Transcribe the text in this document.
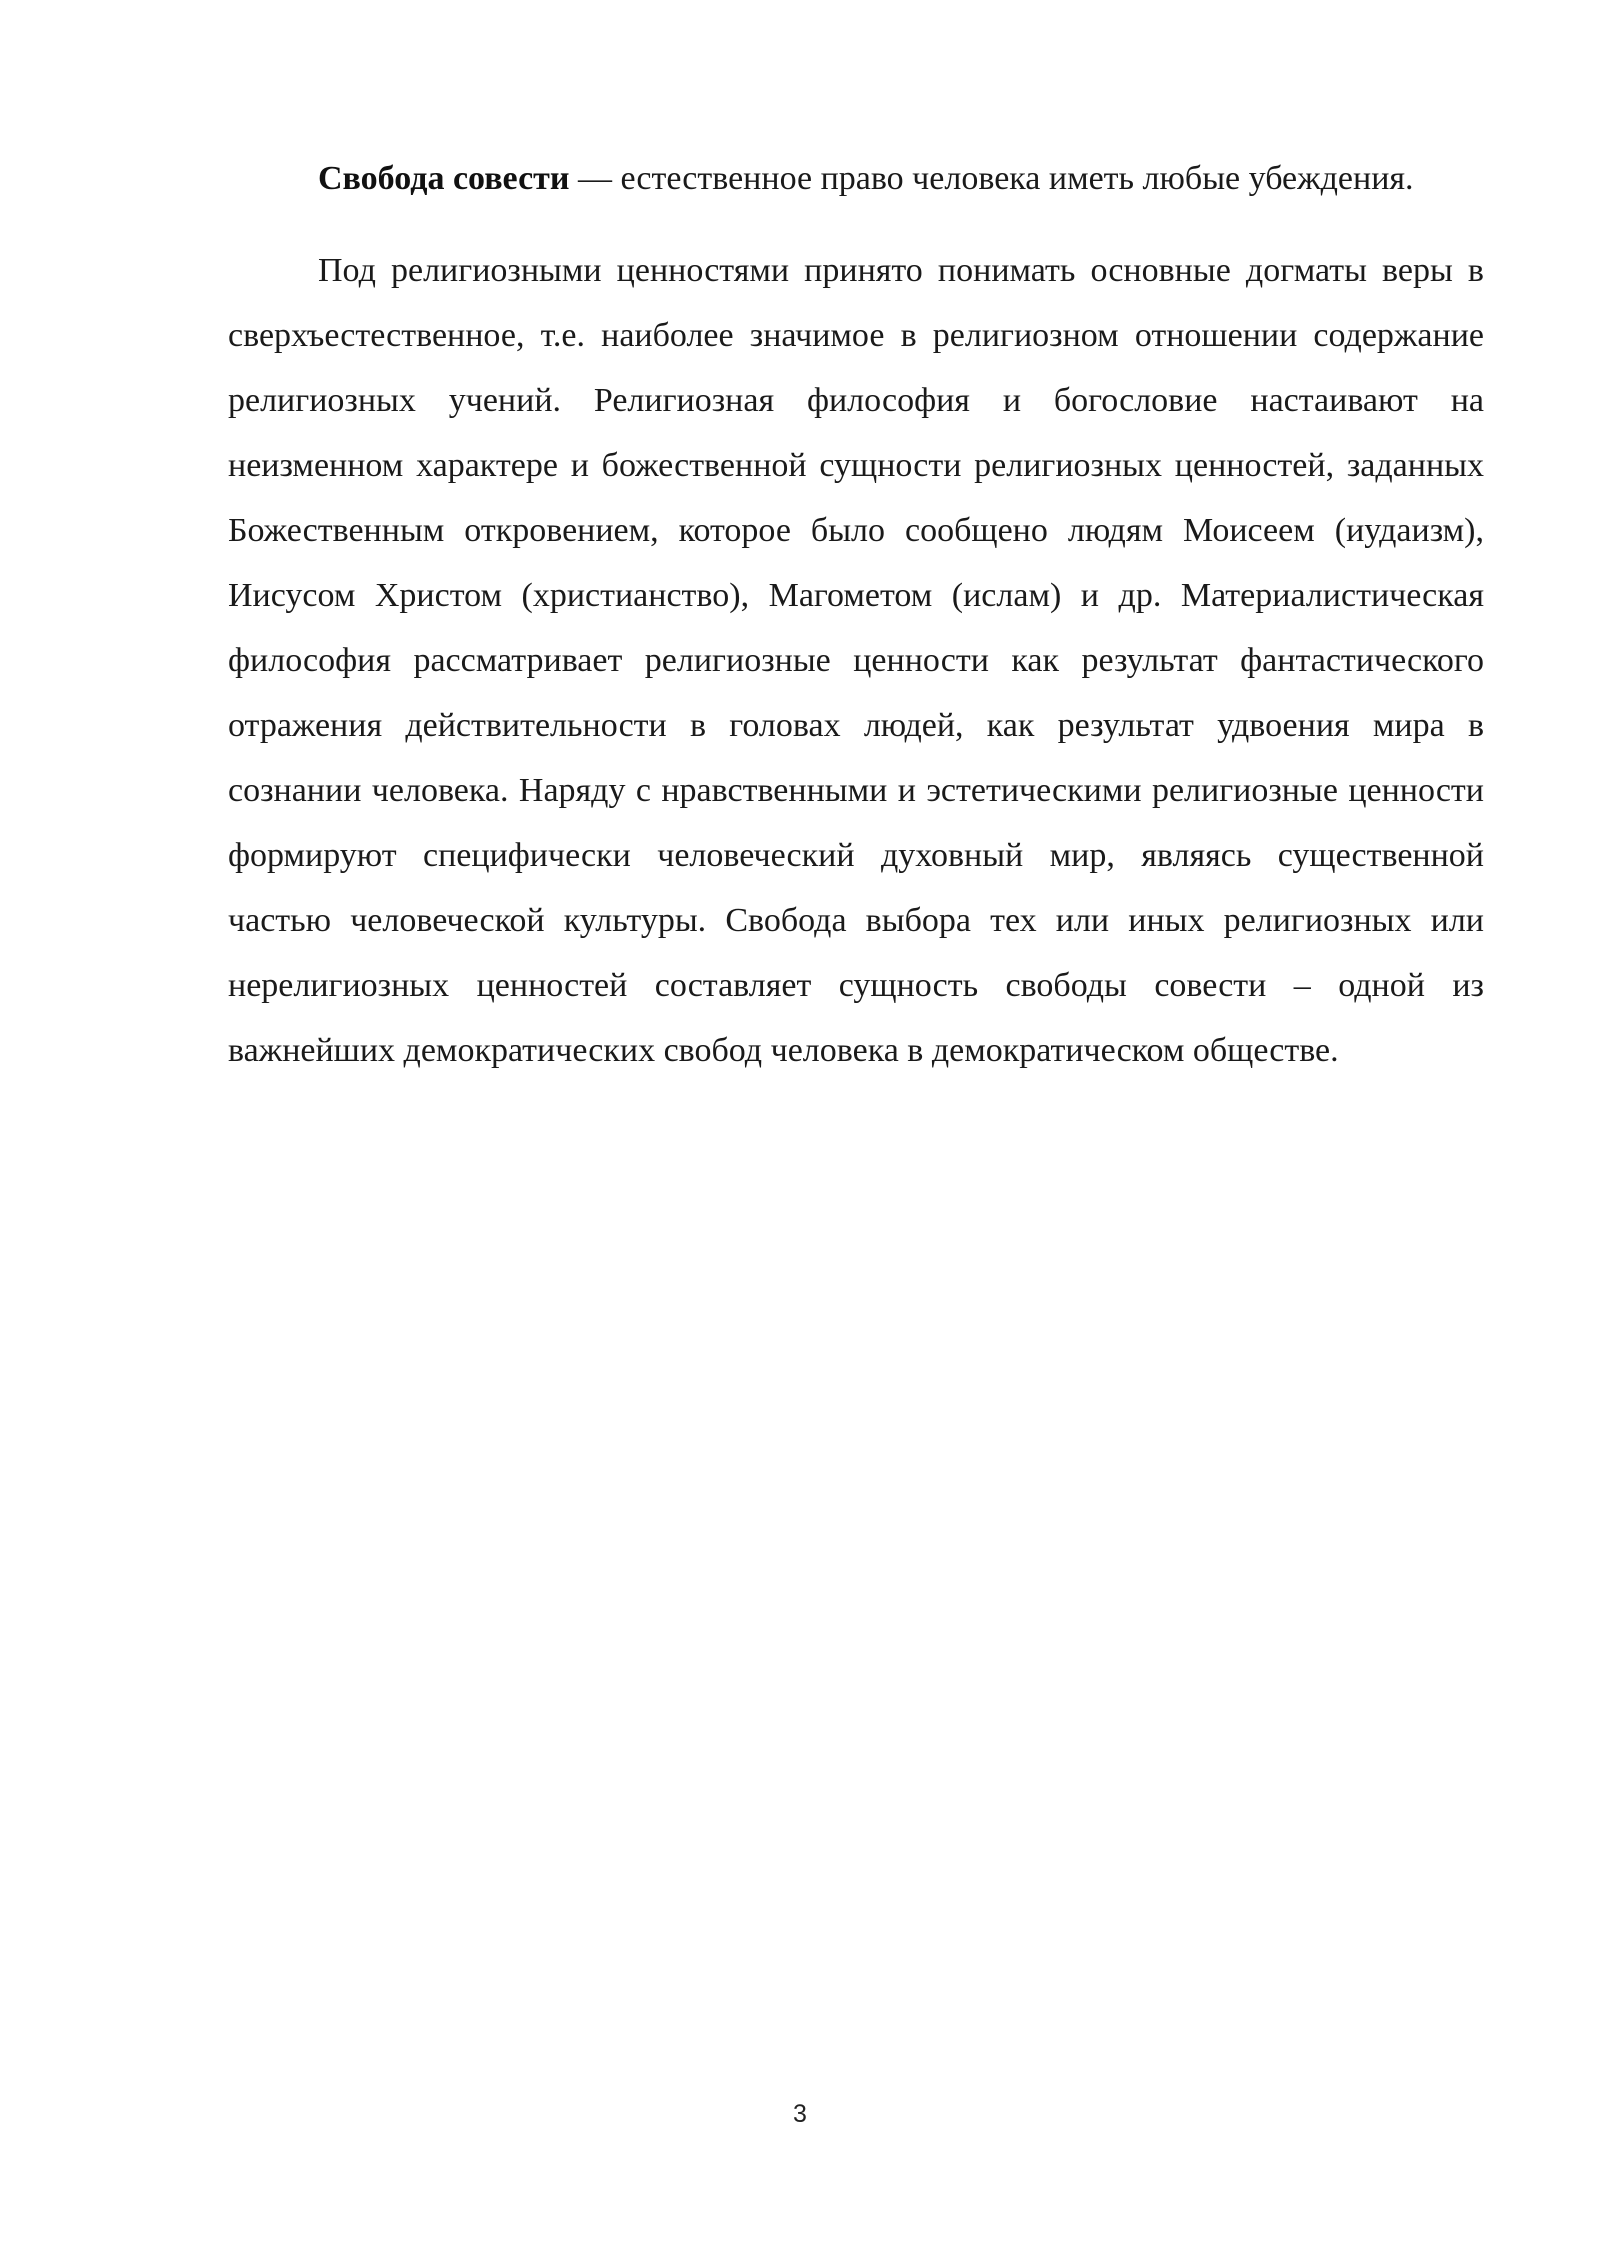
Свобода совести — естественное право человека иметь любые убеждения.

Под религиозными ценностями принято понимать основные догматы веры в сверхъестественное, т.е. наиболее значимое в религиозном отношении содержание религиозных учений. Религиозная философия и богословие настаивают на неизменном характере и божественной сущности религиозных ценностей, заданных Божественным откровением, которое было сообщено людям Моисеем (иудаизм), Иисусом Христом (христианство), Магометом (ислам) и др. Материалистическая философия рассматривает религиозные ценности как результат фантастического отражения действительности в головах людей, как результат удвоения мира в сознании человека. Наряду с нравственными и эстетическими религиозные ценности формируют специфически человеческий духовный мир, являясь существенной частью человеческой культуры. Свобода выбора тех или иных религиозных или нерелигиозных ценностей составляет сущность свободы совести – одной из важнейших демократических свобод человека в демократическом обществе.

3
